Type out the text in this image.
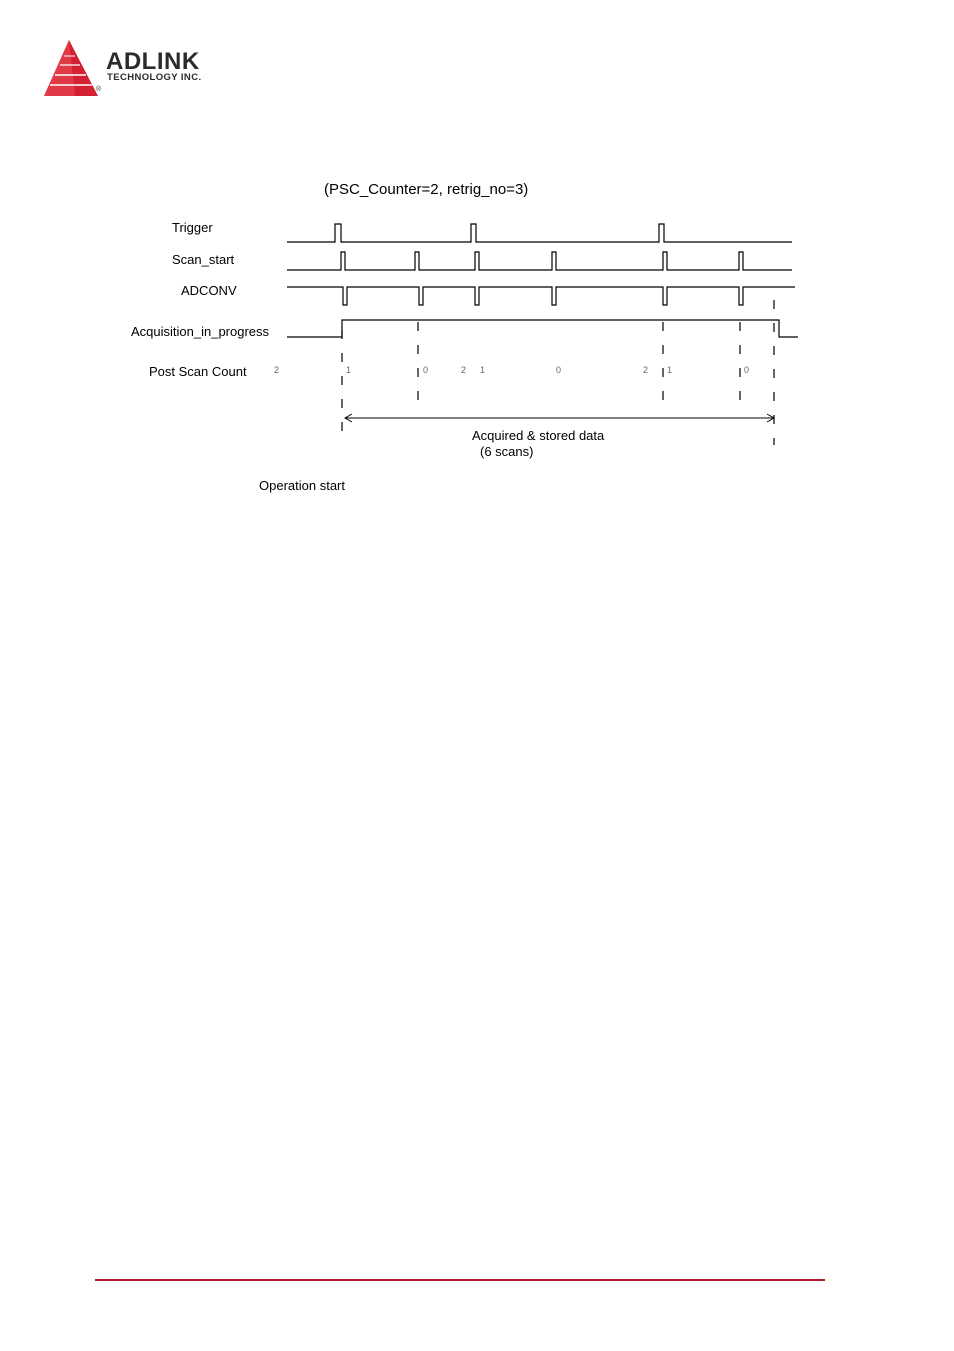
ADLINK
TECHNOLOGY INC.
®
(PSC_Counter=2, retrig_no=3)
Trigger
Scan_start
ADCONV
Acquisition_in_progress
Post Scan Count	2	1	0	2 1	0	2 1	0
Acquired & stored data
(6 scans)
Operation start
